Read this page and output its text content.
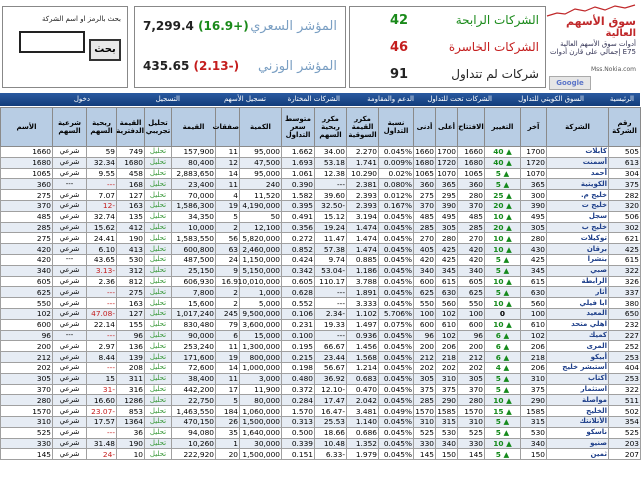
سوق الأسهم
العالية
أدوات سوق الأسهم العالية إجمالي على قارن أدوات E75
Mss.Nokia.com
Google
الشركات الرابحة
42
الشركات الخاسرة
46
شركات لم تتداول
91
المؤشر السعري
7,299.4 (16.9+)
المؤشر الوزني
435.65 (2.13-)
بحث بالرمز او اسم الشركة
بحث
الرئيسية
السوق الكويتي للتداول
الشركات تحت للتداول
الدعم والمقاومة
الشركات المختارة
تسجيل الأسهم
التسجيل
دخول
رقم الشركة	الشركة	آخر	التغيير	الافتتاح	أعلى	أدنى	نسبة التداول	مكرر القيمة السوقية	مكرر ربحية السهم	متوسط سعر التداول	الكمية	صفقات	القيمة	تحليل تجريبي	القيمة الدفترية	ربحية السهم	شرعية السهم	الأسم
505	كابلات	1700	▲ 40	1660	1700	1660	0.045%	2.270	34.00	1.662	95,000	11	157,900	تحليل	749	59	شرعي	1660
613	أسمنت	1720	▲ 40	1680	1720	1680	0.009%	1.741	53.18	1.693	47,500	12	80,400	تحليل	1680	32.34	شرعي	1680
304	أحمد	1070	▲ 5	1065	1070	1065	0.02%	10.290	12.38	1.061	95,000	14	2,883,650	تحليل	458	9.55	شرعي	1065
375	الكويتية	365	▲ 5	360	365	360	0.080%	2.381	---	0.390	240	11	23,400	تحليل	168	---	---	360
282	خليج م.	300	▲ 25	280	295	275	0.012%	2.393	39.60	1.582	11,520	4	70,000	تحليل	127	7.07	شرعي	275
320	خليج ت	390	▲ 20	370	390	370	0.167%	2.393	-32.50	0.395	4,190,000	19	1,586,300	تحليل	163	-12	شرعي	370
506	سجل	495	▲ 10	485	495	485	0.045%	3.194	15.12	0.491	50	5	34,350	تحليل	135	32.74	شرعي	485
302	خليج ب	305	▲ 20	285	305	285	0.045%	1.474	19.24	0.356	12,100	2	10,000	تحليل	412	15.62	شرعي	285
621	توكيلات	280	▲ 10	270	280	270	0.045%	1.474	11.47	0.272	5,820,000	56	1,583,550	تحليل	190	24.41	شرعي	275
425	برقان	430	▲ 10	420	425	405	0.045%	1.474	57.38	0.852	2,460,000	63	600,800	تحليل	413	6.10	شرعي	420
615	بنشرا	425	▲ 5	420	425	420	0.045%	0.885	9.74	0.424	1,150,000	24	487,500	تحليل	530	43.65	---	420
322	صبي	345	▲ 5	340	345	340	0.045%	1.186	-53.04	0.342	5,150,000	9	25,150	تحليل	312	-3.13	شرعي	340
326	الرابطة	615	▲ 10	605	615	600	0.045%	3.788	110.17	0.605	10,010,000	16.9	606,930	تحليل	812	2.36	شرعي	605
337	أثار	630	▲ 5	625	630	625	0.045%	1.891	---	0.628	1,000	2	7,800	تحليل	275	---	شرعي	625
380	ابا فيلي	560	▲ 10	550	560	550	0.045%	3.333	---	0.552	5,000	2	15,600	تحليل	163	---	شرعي	550
650	المعيد	100	0	100	102	100	5.706%	1.102	-2.34	0.106	9,500,000	245	1,017,240	تحليل	127	-47.08	شرعي	102
232	اهلي متحد	610	▲ 10	600	610	600	0.075%	1.497	19.33	0.231	3,600,000	79	830,480	تحليل	155	22.14	شرعي	600
227	كميك	102	▲ 6	96	102	96	0.045%	0.936	---	0.100	15,000	6	90,000	تحليل	96	---	---	96
252	المرى	206	▲ 6	200	206	200	0.045%	1.456	66.67	0.195	1,300,000	11	253,240	تحليل	136	2.97	شرعي	200
253	أبيكو	218	▲ 6	212	218	212	0.045%	1.568	23.44	0.215	800,000	19	171,600	تحليل	139	8.44	شرعي	212
404	أستبشر خليج	206	▲ 4	202	202	202	0.045%	1.214	56.67	0.198	1,000,000	14	72,600	تحليل	208	---	شرعي	202
253	أكتاب	310	▲ 5	305	310	305	0.045%	0.683	36.92	0.480	3,000	11	38,400	تحليل	311	15	شرعي	305
322	استثمار	375	▲ 5	370	375	375	0.045%	0.470	-12.10	0.372	11,900	17	442,200	تحليل	316	-31	شرعي	370
511	مواصلة	290	▲ 10	280	290	285	0.045%	2.042	17.47	0.284	80,000	5	22,750	تحليل	1286	16.60	شرعي	280
502	الخليج	1585	▲ 15	1570	1585	1570	0.049%	3.481	-16.47	1.570	1,060,000	184	1,463,550	تحليل	853	-23.07	شرعي	1570
354	الأتلانتك	315	▲ 5	310	315	310	0.045%	1.140	25.53	0.313	1,500,000	26	470,150	تحليل	1364	17.57	شرعي	310
525	ناسكو	530	▲ 5	525	530	525	0.045%	0.686	18.66	0.500	1,640,000	35	94,080	تحليل	36	---	شرعي	525
203	صنيو	340	▲ 10	330	340	330	0.045%	1.352	10.48	0.339	30,000	1	10,260	تحليل	190	31.48	شرعي	330
207	ثمين	150	▲ 5	145	150	145	0.045%	1.979	-6.33	0.151	1,500,000	20	222,920	تحليل	10	-24	شرعي	145
